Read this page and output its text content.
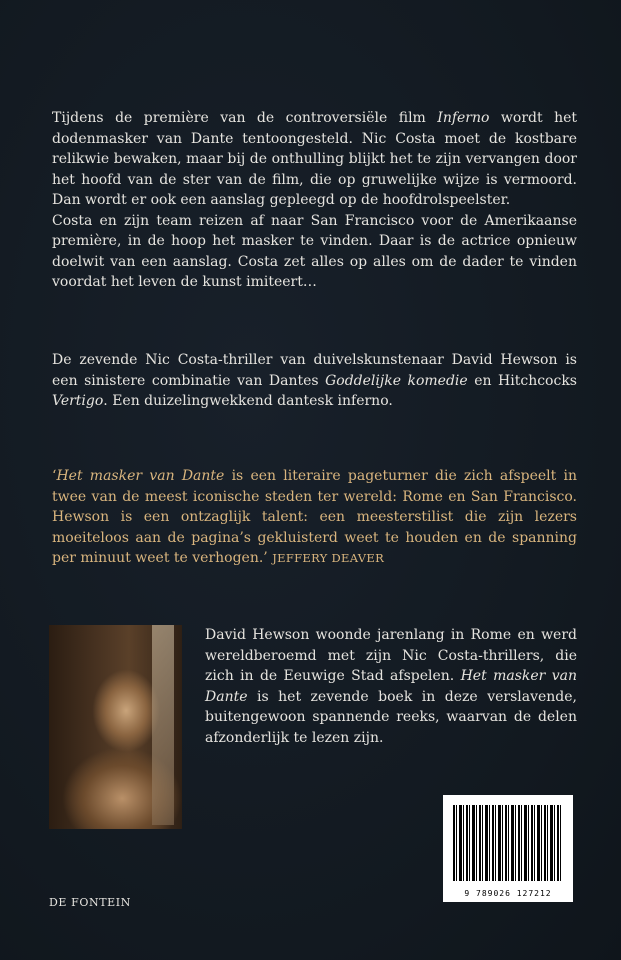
Tijdens de première van de controversiële film Inferno wordt het dodenmasker van Dante tentoongesteld. Nic Costa moet de kostbare relikwie bewaken, maar bij de onthulling blijkt het te zijn vervangen door het hoofd van de ster van de film, die op gruwelijke wijze is vermoord. Dan wordt er ook een aanslag gepleegd op de hoofdrolspeelster.
Costa en zijn team reizen af naar San Francisco voor de Amerikaanse première, in de hoop het masker te vinden. Daar is de actrice opnieuw doelwit van een aanslag. Costa zet alles op alles om de dader te vinden voordat het leven de kunst imiteert…

De zevende Nic Costa-thriller van duivelskunstenaar David Hewson is een sinistere combinatie van Dantes Goddelijke komedie en Hitchcocks Vertigo. Een duizelingwekkend dantesk inferno.

‘Het masker van Dante is een literaire pageturner die zich afspeelt in twee van de meest iconische steden ter wereld: Rome en San Francisco. Hewson is een ontzaglijk talent: een meesterstilist die zijn lezers moeiteloos aan de pagina’s gekluisterd weet te houden en de spanning per minuut weet te verhogen.’ JEFFERY DEAVER

David Hewson woonde jarenlang in Rome en werd wereldberoemd met zijn Nic Costa-thrillers, die zich in de Eeuwige Stad afspelen. Het masker van Dante is het zevende boek in deze verslavende, buitengewoon spannende reeks, waarvan de delen afzonderlijk te lezen zijn.

9 789026 127212
DE FONTEIN
